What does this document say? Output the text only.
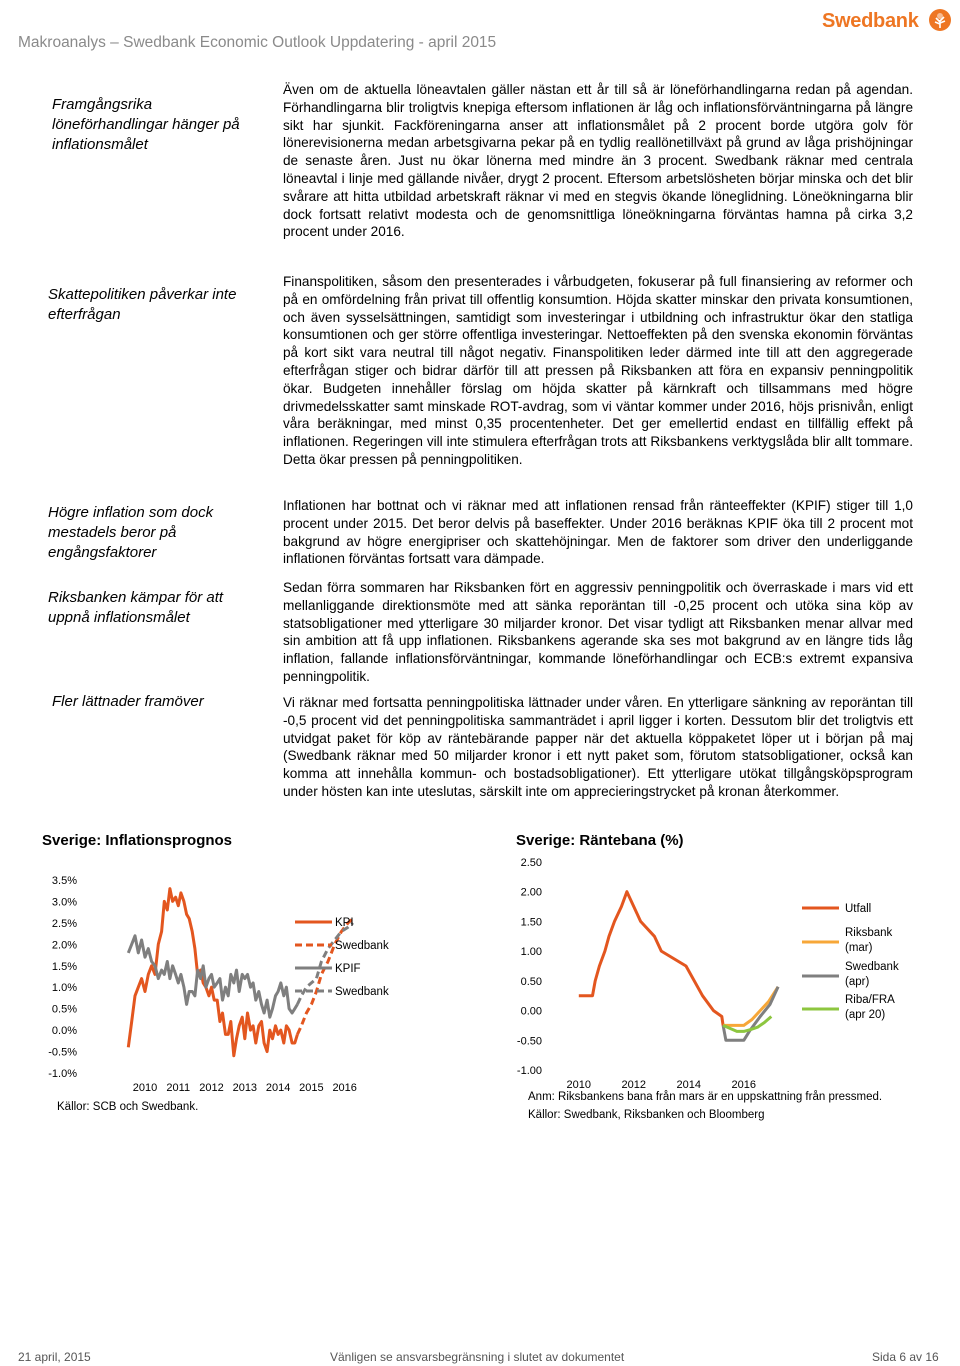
Makroanalys – Swedbank Economic Outlook Uppdatering - april 2015
Swedbank
Framgångsrika löneförhandlingar hänger på inflationsmålet
Skattepolitiken påverkar inte efterfrågan
Högre inflation som dock mestadels beror på engångsfaktorer
Riksbanken kämpar för att uppnå inflationsmålet
Fler lättnader framöver

Även om de aktuella löneavtalen gäller nästan ett år till så är löneförhandlingarna redan på agendan. Förhandlingarna blir troligtvis knepiga eftersom inflationen är låg och inflationsförväntningarna på längre sikt har sjunkit. Fackföreningarna anser att inflationsmålet på 2 procent borde utgöra golv för lönerevisionerna medan arbetsgivarna pekar på en tydlig reallönetillväxt på grund av låga prishöjningar de senaste åren. Just nu ökar lönerna med mindre än 3 procent. Swedbank räknar med centrala löneavtal i linje med gällande nivåer, drygt 2 procent. Eftersom arbetslösheten börjar minska och det blir svårare att hitta utbildad arbetskraft räknar vi med en stegvis ökande löneglidning. Löneökningarna blir dock fortsatt relativt modesta och de genomsnittliga löneökningarna förväntas hamna på cirka 3,2 procent under 2016.

Finanspolitiken, såsom den presenterades i vårbudgeten, fokuserar på full finansiering av reformer och på en omfördelning från privat till offentlig konsumtion. Höjda skatter minskar den privata konsumtionen, och även sysselsättningen, samtidigt som investeringar i utbildning och infrastruktur ökar den statliga konsumtionen och ger större offentliga investeringar. Nettoeffekten på den svenska ekonomin förväntas på kort sikt vara neutral till något negativ. Finanspolitiken leder därmed inte till att den aggregerade efterfrågan stiger och bidrar därför till att pressen på Riksbanken att föra en expansiv penningpolitik ökar. Budgeten innehåller förslag om höjda skatter på kärnkraft och tillsammans med högre drivmedelsskatter samt minskade ROT-avdrag, som vi väntar kommer under 2016, höjs prisnivån, enligt våra beräkningar, med minst 0,35 procentenheter. Det ger emellertid endast en tillfällig effekt på inflationen. Regeringen vill inte stimulera efterfrågan trots att Riksbankens verktygslåda blir allt tommare. Detta ökar pressen på penningpolitiken.

Inflationen har bottnat och vi räknar med att inflationen rensad från ränteeffekter (KPIF) stiger till 1,0 procent under 2015. Det beror delvis på baseffekter. Under 2016 beräknas KPIF öka till 2 procent mot bakgrund av högre energipriser och skattehöjningar. Men de faktorer som driver den underliggande inflationen förväntas fortsatt vara dämpade.

Sedan förra sommaren har Riksbanken fört en aggressiv penningpolitik och överraskade i mars vid ett mellanliggande direktionsmöte med att sänka reporäntan till -0,25 procent och utöka sina köp av statsobligationer med ytterligare 30 miljarder kronor. Det visar tydligt att Riksbanken menar allvar med sin ambition att få upp inflationen. Riksbankens agerande ska ses mot bakgrund av en längre tids låg inflation, fallande inflationsförväntningar, kommande löneförhandlingar och ECB:s extremt expansiva penningpolitik.

Vi räknar med fortsatta penningpolitiska lättnader under våren. En ytterligare sänkning av reporäntan till -0,5 procent vid det penningpolitiska sammanträdet i april ligger i korten. Dessutom blir det troligtvis ett utvidgat paket för köp av räntebärande papper när det aktuella köppaketet löper ut i början på maj (Swedbank räknar med 50 miljarder kronor i ett nytt paket som, förutom statsobligationer, också kan komma att innehålla kommun- och bostadsobligationer). Ett ytterligare utökat tillgångsköpsprogram under hösten kan inte uteslutas, särskilt inte om apprecieringstrycket på kronan återkommer.

Sverige: Inflationsprognos
3.5%
3.0%
2.5%
2.0%
1.5%
1.0%
0.5%
0.0%
-0.5%
-1.0%
2010 2011 2012 2013 2014 2015 2016
KPI
Swedbank
KPIF
Swedbank
Källor: SCB och Swedbank.
Sverige: Räntebana (%)
2.50
2.00
1.50
1.00
0.50
0.00
-0.50
-1.00
2010	2012	2014	2016
Utfall
Riksbank
(mar)
Swedbank
(apr)
Riba/FRA
(apr 20)
Anm: Riksbankens bana från mars är en uppskattning från pressmed.
Källor: Swedbank, Riksbanken och Bloomberg
21 april, 2015	Vänligen se ansvarsbegränsning i slutet av dokumentet	Sida 6 av 16
